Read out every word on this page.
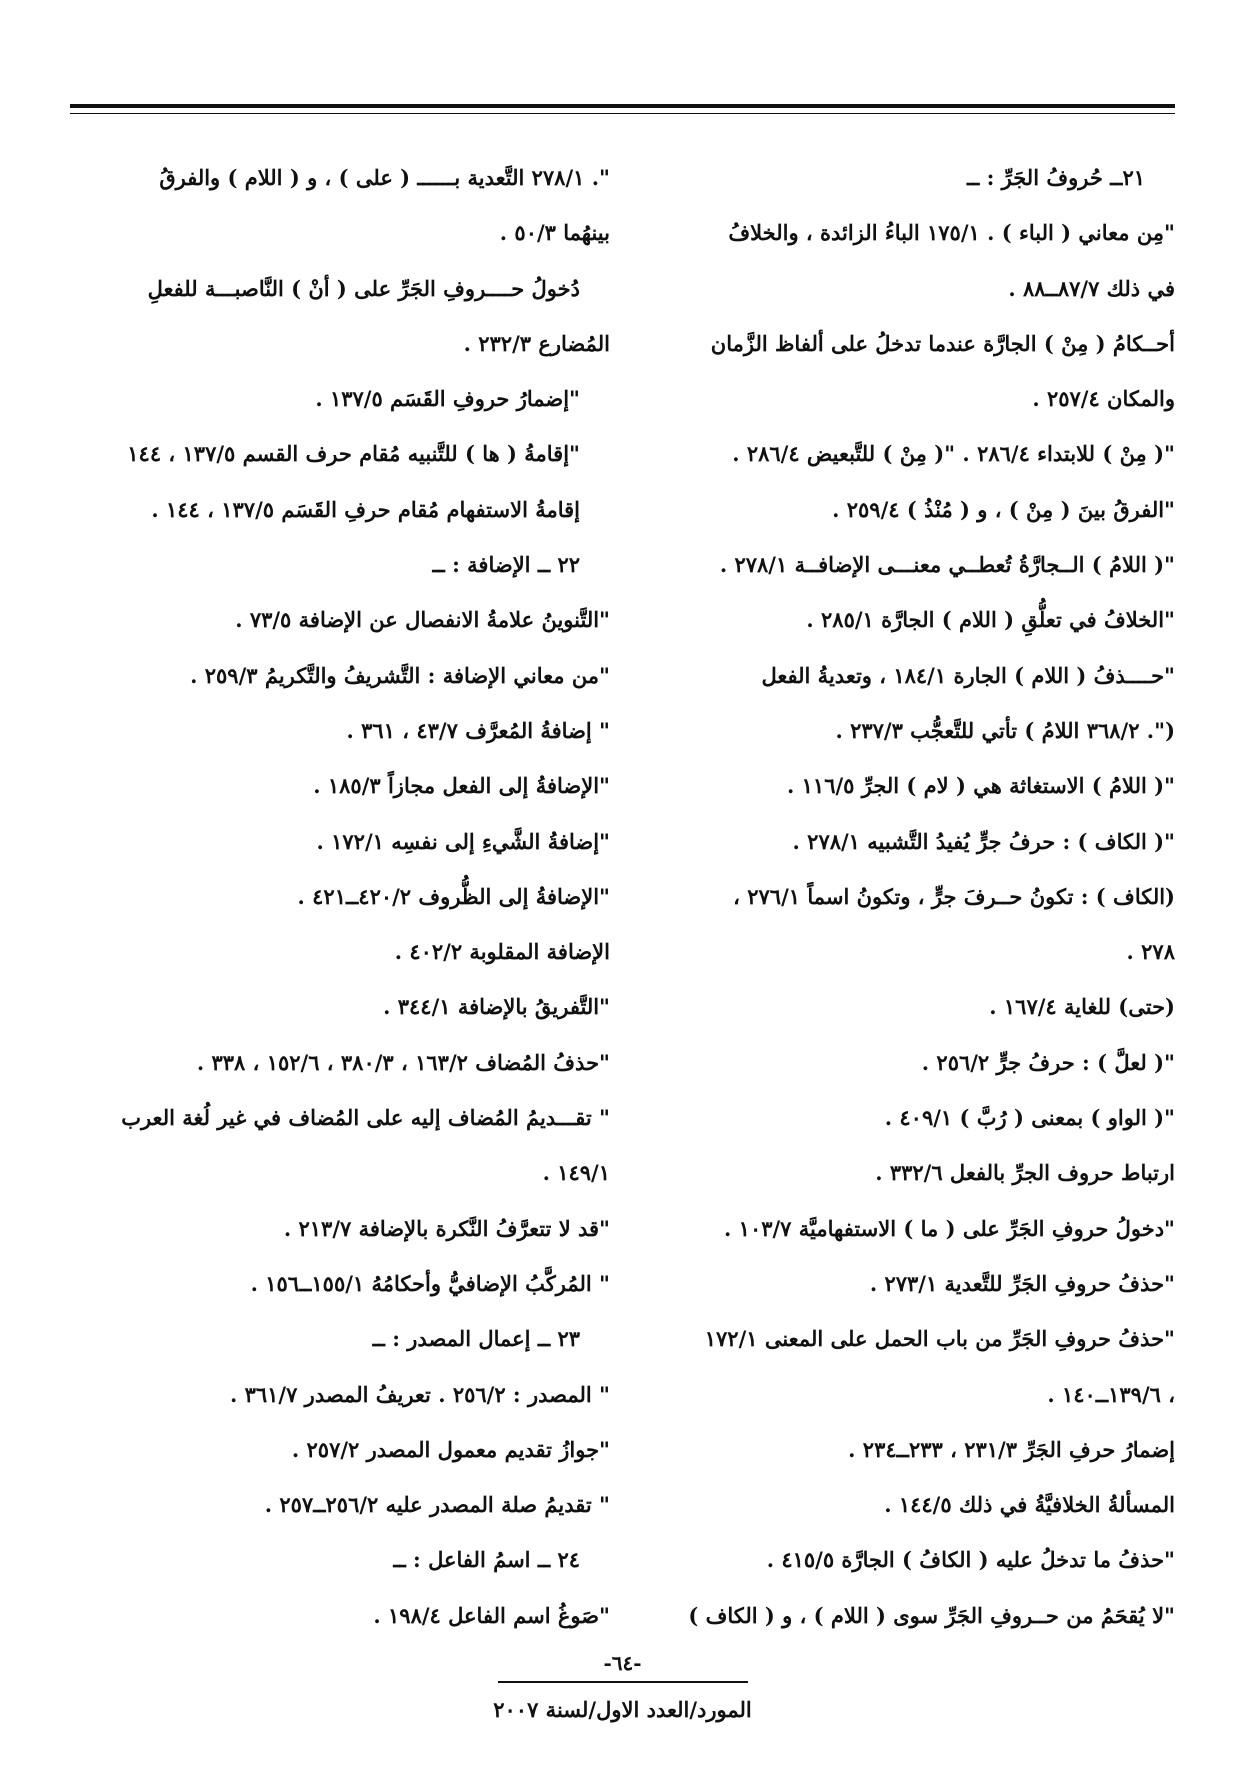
٢١ــ حُروفُ الجَرِّ : ــ
"مِن معاني ( الباء ) . ١٧٥/١ الباءُ الزائدة ، والخلافُ
في ذلك ٨٧/٧ــ٨٨ .
أحــكامُ ( مِنْ ) الجارَّة عندما تدخلُ على ألفاظ الزَّمان
والمكان ٢٥٧/٤ .
"( مِنْ ) للابتداء ٢٨٦/٤ . "( مِنْ ) للتَّبعيض ٢٨٦/٤ .
"الفرقُ بينَ ( مِنْ ) ، و ( مُنْذُ ) ٢٥٩/٤ .
"( اللامُ ) الــجارَّةُ تُعطــي معنـــى الإضافــة ٢٧٨/١ .
"الخلافُ في تعلُّقِ ( اللام ) الجارَّة ٢٨٥/١ .
"حــــذفُ ( اللام ) الجارة ١٨٤/١ ، وتعديةُ الفعل
(". ٣٦٨/٢ اللامُ ) تأتي للتَّعجُّب ٢٣٧/٣ .
"( اللامُ ) الاستغاثة هي ( لام ) الجرِّ ١١٦/٥ .
"( الكاف ) : حرفُ جرٍّ يُفيدُ التَّشبيه ٢٧٨/١ .
(الكاف ) : تكونُ حــرفَ جرٍّ ، وتكونُ اسماً ٢٧٦/١ ،
٢٧٨ .
(حتى) للغاية ١٦٧/٤ .
"( لعلَّ ) : حرفُ جرٍّ ٢٥٦/٢ .
"( الواو ) بمعنى ( رُبَّ ) ٤٠٩/١ .
ارتباط حروف الجرِّ بالفعل ٣٣٢/٦ .
"دخولُ حروفِ الجَرِّ على ( ما ) الاستفهاميَّة ١٠٣/٧ .
"حذفُ حروفِ الجَرِّ للتَّعدية ٢٧٣/١ .
"حذفُ حروفِ الجَرِّ من باب الحمل على المعنى ١٧٢/١
، ١٣٩/٦ــ١٤٠ .
إضمارُ حرفِ الجَرِّ ٢٣١/٣ ، ٢٣٣ــ٢٣٤ .
المسألةُ الخلافيَّةُ في ذلك ١٤٤/٥ .
"حذفُ ما تدخلُ عليه ( الكافُ ) الجارَّة ٤١٥/٥ .
"لا يُقحَمُ من حــروفِ الجَرِّ سوى ( اللام ) ، و ( الكاف )
". ٢٧٨/١ التَّعدية بــــــ ( على ) ، و ( اللام ) والفرقُ
بينهُما ٥٠/٣ .
دُخولُ حــــروفِ الجَرِّ على ( أنْ ) النَّاصبـــة للفعلِ
المُضارع ٢٣٢/٣ .
"إضمارُ حروفِ القَسَم ١٣٧/٥ .
"إقامةُ ( ها ) للتَّنبيه مُقام حرف القسم ١٣٧/٥ ، ١٤٤
إقامةُ الاستفهام مُقام حرفِ القَسَم ١٣٧/٥ ، ١٤٤ .
٢٢ ــ الإضافة : ــ
"التَّنوينُ علامةُ الانفصال عن الإضافة ٧٣/٥ .
"من معاني الإضافة : التَّشريفُ والتَّكريمُ ٢٥٩/٣ .
" إضافةُ المُعرَّف ٤٣/٧ ، ٣٦١ .
"الإضافةُ إلى الفعل مجازاً ١٨٥/٣ .
"إضافةُ الشَّيءِ إلى نفسِه ١٧٢/١ .
"الإضافةُ إلى الظُّروف ٤٢٠/٢ــ٤٢١ .
الإضافة المقلوبة ٤٠٢/٢ .
"التَّفريقُ بالإضافة ٣٤٤/١ .
"حذفُ المُضاف ١٦٣/٢ ، ٣٨٠/٣ ، ١٥٢/٦ ، ٣٣٨ .
" تقـــديمُ المُضاف إليه على المُضاف في غير لُغة العرب
١٤٩/١ .
"قد لا تتعرَّفُ النَّكرة بالإضافة ٢١٣/٧ .
" المُركَّبُ الإضافيُّ وأحكامُهُ ١٥٥/١ــ١٥٦ .
٢٣ ــ إعمال المصدر : ــ
" المصدر : ٢٥٦/٢ . تعريفُ المصدر ٣٦١/٧ .
"جوازُ تقديم معمول المصدر ٢٥٧/٢ .
" تقديمُ صلة المصدر عليه ٢٥٦/٢ــ٢٥٧ .
٢٤ ــ اسمُ الفاعل : ــ
"صَوغُ اسم الفاعل ١٩٨/٤ .
-٦٤-
المورد/العدد الاول/لسنة ٢٠٠٧
